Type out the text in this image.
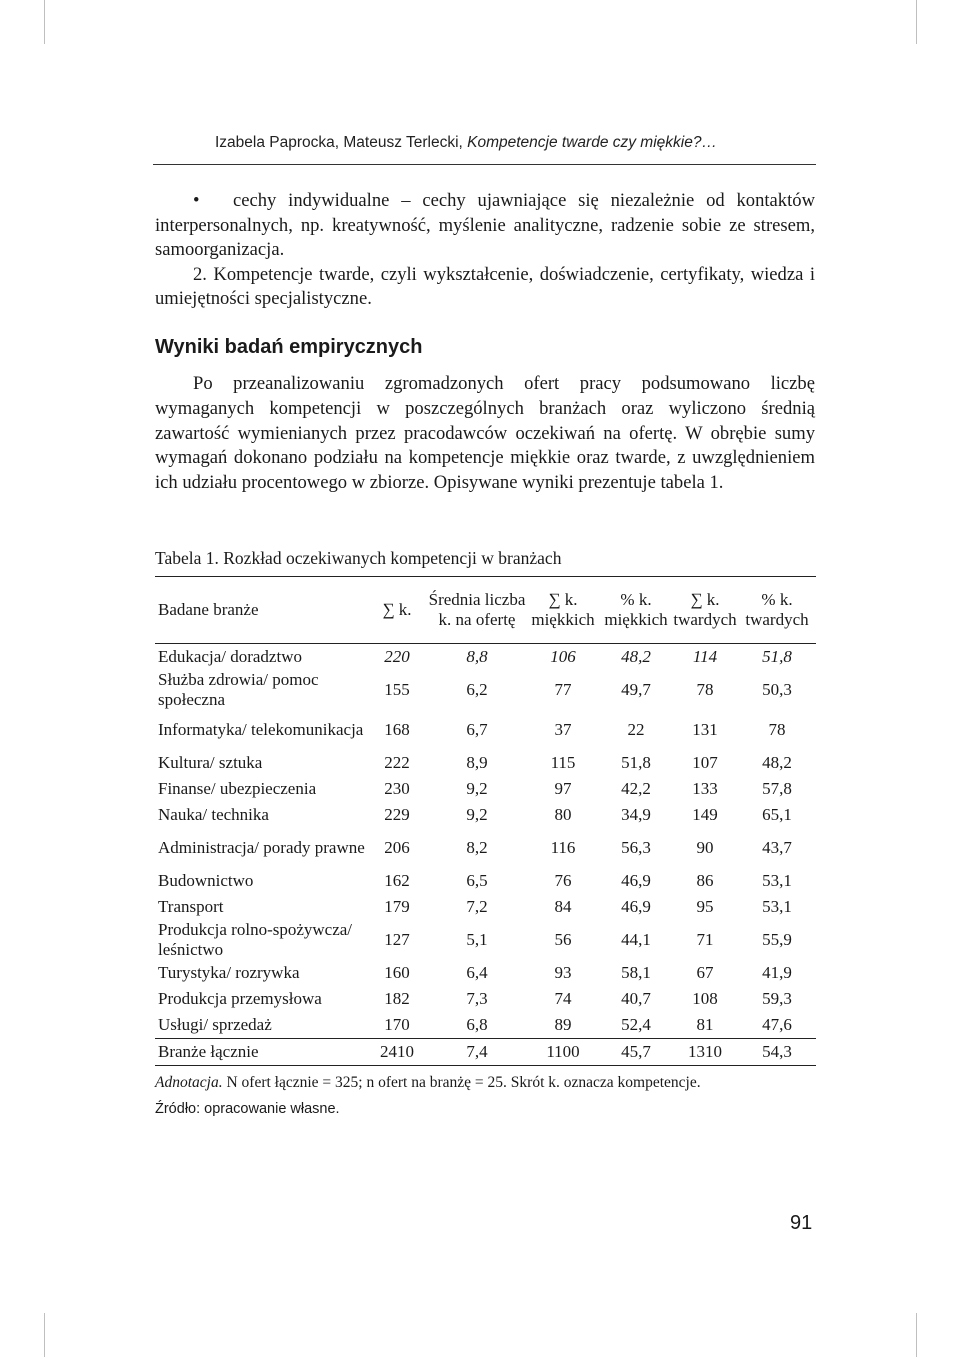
Izabela Paprocka, Mateusz Terlecki, Kompetencje twarde czy miękkie?…

• cechy indywidualne – cechy ujawniające się niezależnie od kontaktów interpersonalnych, np. kreatywność, myślenie analityczne, radzenie sobie ze stresem, samoorganizacja.

2. Kompetencje twarde, czyli wykształcenie, doświadczenie, certyfikaty, wiedza i umiejętności specjalistyczne.

Wyniki badań empirycznych

Po przeanalizowaniu zgromadzonych ofert pracy podsumowano liczbę wymaganych kompetencji w poszczególnych branżach oraz wyliczono średnią zawartość wymienianych przez pracodawców oczekiwań na ofertę. W obrębie sumy wymagań dokonano podziału na kompetencje miękkie oraz twarde, z uwzględnieniem ich udziału procentowego w zbiorze. Opisywane wyniki prezentuje tabela 1.

Tabela 1. Rozkład oczekiwanych kompetencji w branżach

Badane branże	∑ k.	Średnia liczba k. na ofertę	∑ k. miękkich	% k. miękkich	∑ k. twardych	% k. twardych
Edukacja/ doradztwo	220	8,8	106	48,2	114	51,8
Służba zdrowia/ pomoc społeczna	155	6,2	77	49,7	78	50,3
Informatyka/ telekomunikacja	168	6,7	37	22	131	78
Kultura/ sztuka	222	8,9	115	51,8	107	48,2
Finanse/ ubezpieczenia	230	9,2	97	42,2	133	57,8
Nauka/ technika	229	9,2	80	34,9	149	65,1
Administracja/ porady prawne	206	8,2	116	56,3	90	43,7
Budownictwo	162	6,5	76	46,9	86	53,1
Transport	179	7,2	84	46,9	95	53,1
Produkcja rolno-spożywcza/ leśnictwo	127	5,1	56	44,1	71	55,9
Turystyka/ rozrywka	160	6,4	93	58,1	67	41,9
Produkcja przemysłowa	182	7,3	74	40,7	108	59,3
Usługi/ sprzedaż	170	6,8	89	52,4	81	47,6
Branże łącznie	2410	7,4	1100	45,7	1310	54,3

Adnotacja. N ofert łącznie = 325; n ofert na branżę = 25. Skrót k. oznacza kompetencje.

Źródło: opracowanie własne.

91
